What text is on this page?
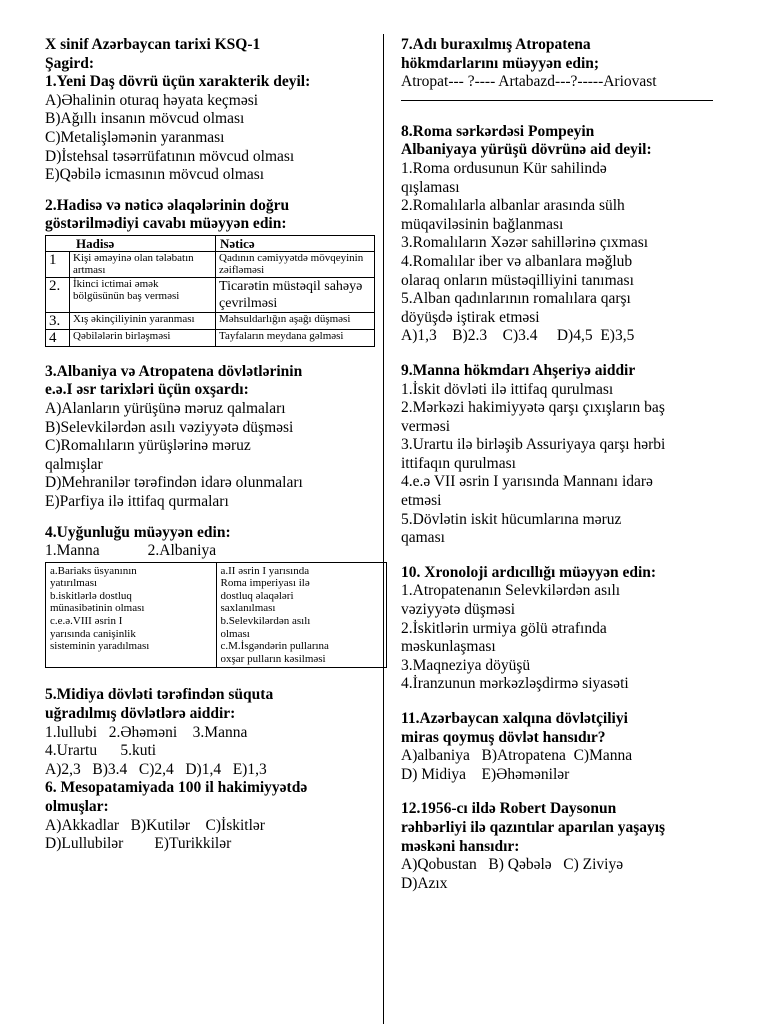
X sinif Azərbaycan tarixi KSQ-1

Şagird:

1.Yeni Daş dövrü üçün xarakterik deyil:

A)Əhalinin oturaq həyata keçməsi

B)Ağıllı insanın mövcud olması

C)Metalişləmənin yaranması

D)İstehsal təsərrüfatının mövcud olması

E)Qəbilə icmasının mövcud olması

2.Hadisə və nəticə əlaqələrinin doğru

göstərilmədiyi cavabı müəyyən edin:

Hadisə		Nəticə
1	Kişi əməyinə olan tələbatın artması	Qadının cəmiyyətdə mövqeyinin zəifləməsi
2.	İkinci ictimai əmək bölgüsünün baş verməsi	Ticarətin müstəqil sahəyə çevrilməsi
3.	Xış əkinçiliyinin yaranması	Məhsuldarlığın aşağı düşməsi
4	Qəbilələrin birləşməsi	Tayfaların meydana gəlməsi

3.Albaniya və Atropatena dövlətlərinin

e.ə.I əsr tarixləri üçün oxşardı:

A)Alanların yürüşünə məruz qalmaları

B)Selevkilərdən asılı vəziyyətə düşməsi

C)Romalıların yürüşlərinə məruz

qalmışlar

D)Mehranilər tərəfindən idarə olunmaları

E)Parfiya ilə ittifaq qurmaları

4.Uyğunluğu müəyyən edin:

1.Manna	2.Albaniya

a.Bariaks üsyanının
yatırılması
b.iskitlərlə dostluq
münasibətinin olması
c.e.ə.VIII əsrin I
yarısında canişinlik
sisteminin yaradılması

a.II əsrin I yarısında
Roma imperiyası ilə
dostluq əlaqələri
saxlanılması
b.Selevkilərdən asılı
olması
c.M.İsgəndərin pullarına
oxşar pulların kəsilməsi

5.Midiya dövləti tərəfindən süquta

uğradılmış dövlətlərə aiddir:

1.lullubi   2.Əhəməni    3.Manna

4.Urartu      5.kuti

A)2,3   B)3.4   C)2,4   D)1,4   E)1,3

6. Mesopatamiyada 100 il hakimiyyətdə

olmuşlar:

A)Akkadlar   B)Kutilər    C)İskitlər

D)Lullubilər        E)Turikkilər

7.Adı buraxılmış Atropatena

hökmdarlarını müəyyən edin;

Atropat--- ?---- Artabazd---?-----Ariovast

8.Roma sərkərdəsi Pompeyin

Albaniyaya yürüşü dövrünə aid deyil:

1.Roma ordusunun Kür sahilində

qışlaması

2.Romalılarla albanlar arasında sülh

müqaviləsinin bağlanması

3.Romalıların Xəzər sahillərinə çıxması

4.Romalılar iber və albanlara məğlub

olaraq onların müstəqilliyini tanıması

5.Alban qadınlarının romalılara qarşı

döyüşdə iştirak etməsi

A)1,3    B)2.3    C)3.4     D)4,5  E)3,5

9.Manna hökmdarı Ahşeriyə aiddir

1.İskit dövləti ilə ittifaq qurulması

2.Mərkəzi hakimiyyətə qarşı çıxışların baş

verməsi

3.Urartu ilə birləşib Assuriyaya qarşı hərbi

ittifaqın qurulması

4.e.ə VII əsrin I yarısında Mannanı idarə

etməsi

5.Dövlətin iskit hücumlarına məruz

qaması

10. Xronoloji ardıcıllığı müəyyən edin:

1.Atropatenanın Selevkilərdən asılı

vəziyyətə düşməsi

2.İskitlərin urmiya gölü ətrafında

məskunlaşması

3.Maqneziya döyüşü

4.İranzunun mərkəzləşdirmə siyasəti

11.Azərbaycan xalqına dövlətçiliyi

miras qoymuş dövlət hansıdır?

A)albaniya   B)Atropatena  C)Manna

D) Midiya    E)Əhəmənilər

12.1956-cı ildə Robert Daysonun

rəhbərliyi ilə qazıntılar aparılan yaşayış

məskəni hansıdır:

A)Qobustan   B) Qəbələ   C) Ziviyə

D)Azıx
